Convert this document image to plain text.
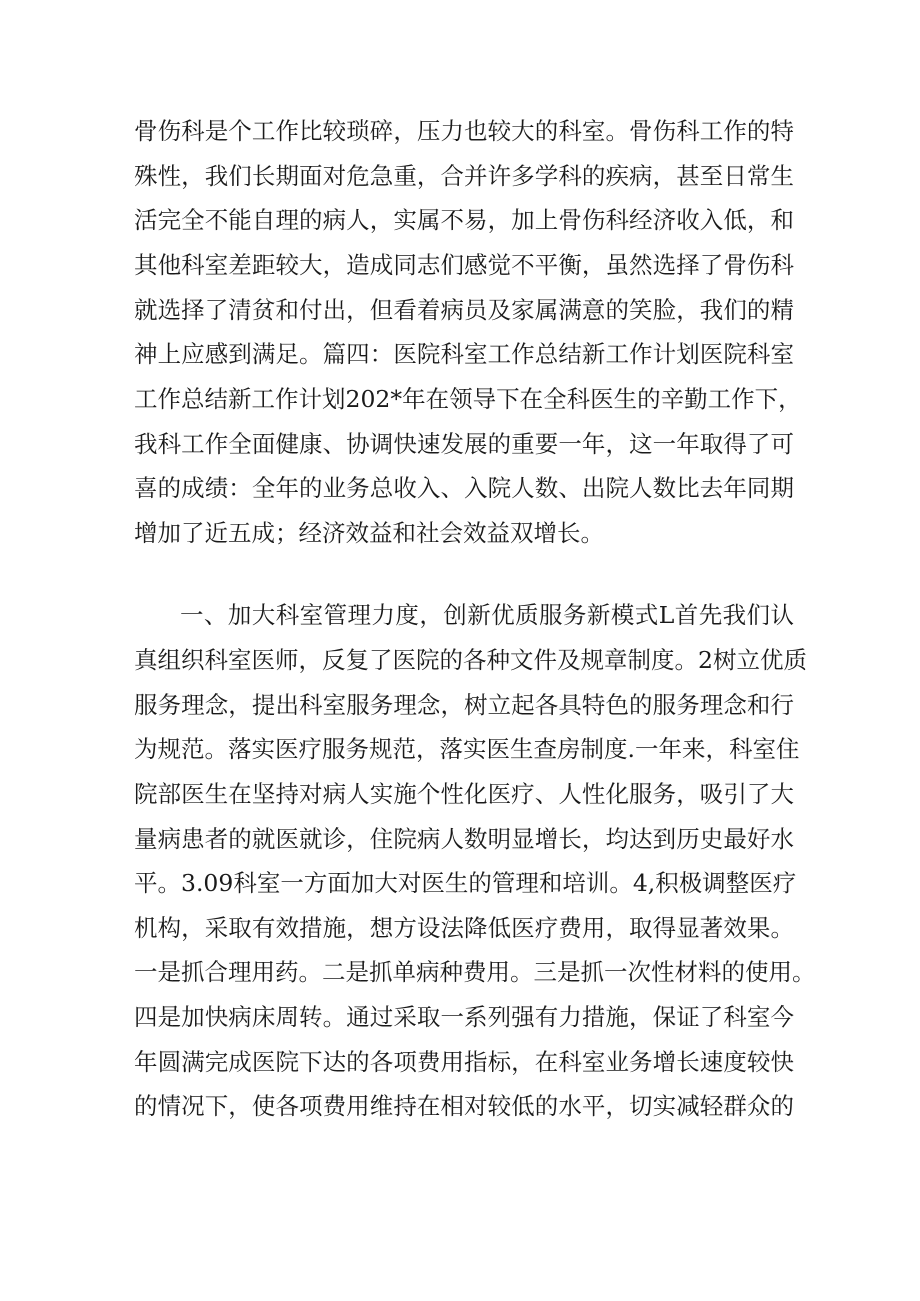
骨伤科是个工作比较琐碎，压力也较大的科室。骨伤科工作的特
殊性，我们长期面对危急重，合并许多学科的疾病，甚至日常生
活完全不能自理的病人，实属不易，加上骨伤科经济收入低，和
其他科室差距较大，造成同志们感觉不平衡，虽然选择了骨伤科
就选择了清贫和付出，但看着病员及家属满意的笑脸，我们的精
神上应感到满足。篇四：医院科室工作总结新工作计划医院科室
工作总结新工作计划202*年在领导下在全科医生的辛勤工作下，
我科工作全面健康、协调快速发展的重要一年，这一年取得了可
喜的成绩：全年的业务总收入、入院人数、出院人数比去年同期
增加了近五成；经济效益和社会效益双增长。
一、加大科室管理力度，创新优质服务新模式L首先我们认
真组织科室医师，反复了医院的各种文件及规章制度。2树立优质
服务理念，提出科室服务理念，树立起各具特色的服务理念和行
为规范。落实医疗服务规范，落实医生查房制度.一年来，科室住
院部医生在坚持对病人实施个性化医疗、人性化服务，吸引了大
量病患者的就医就诊，住院病人数明显增长，均达到历史最好水
平。3.09科室一方面加大对医生的管理和培训。4,积极调整医疗
机构，采取有效措施，想方设法降低医疗费用，取得显著效果。
一是抓合理用药。二是抓单病种费用。三是抓一次性材料的使用。
四是加快病床周转。通过采取一系列强有力措施，保证了科室今
年圆满完成医院下达的各项费用指标，在科室业务增长速度较快
的情况下，使各项费用维持在相对较低的水平，切实减轻群众的
